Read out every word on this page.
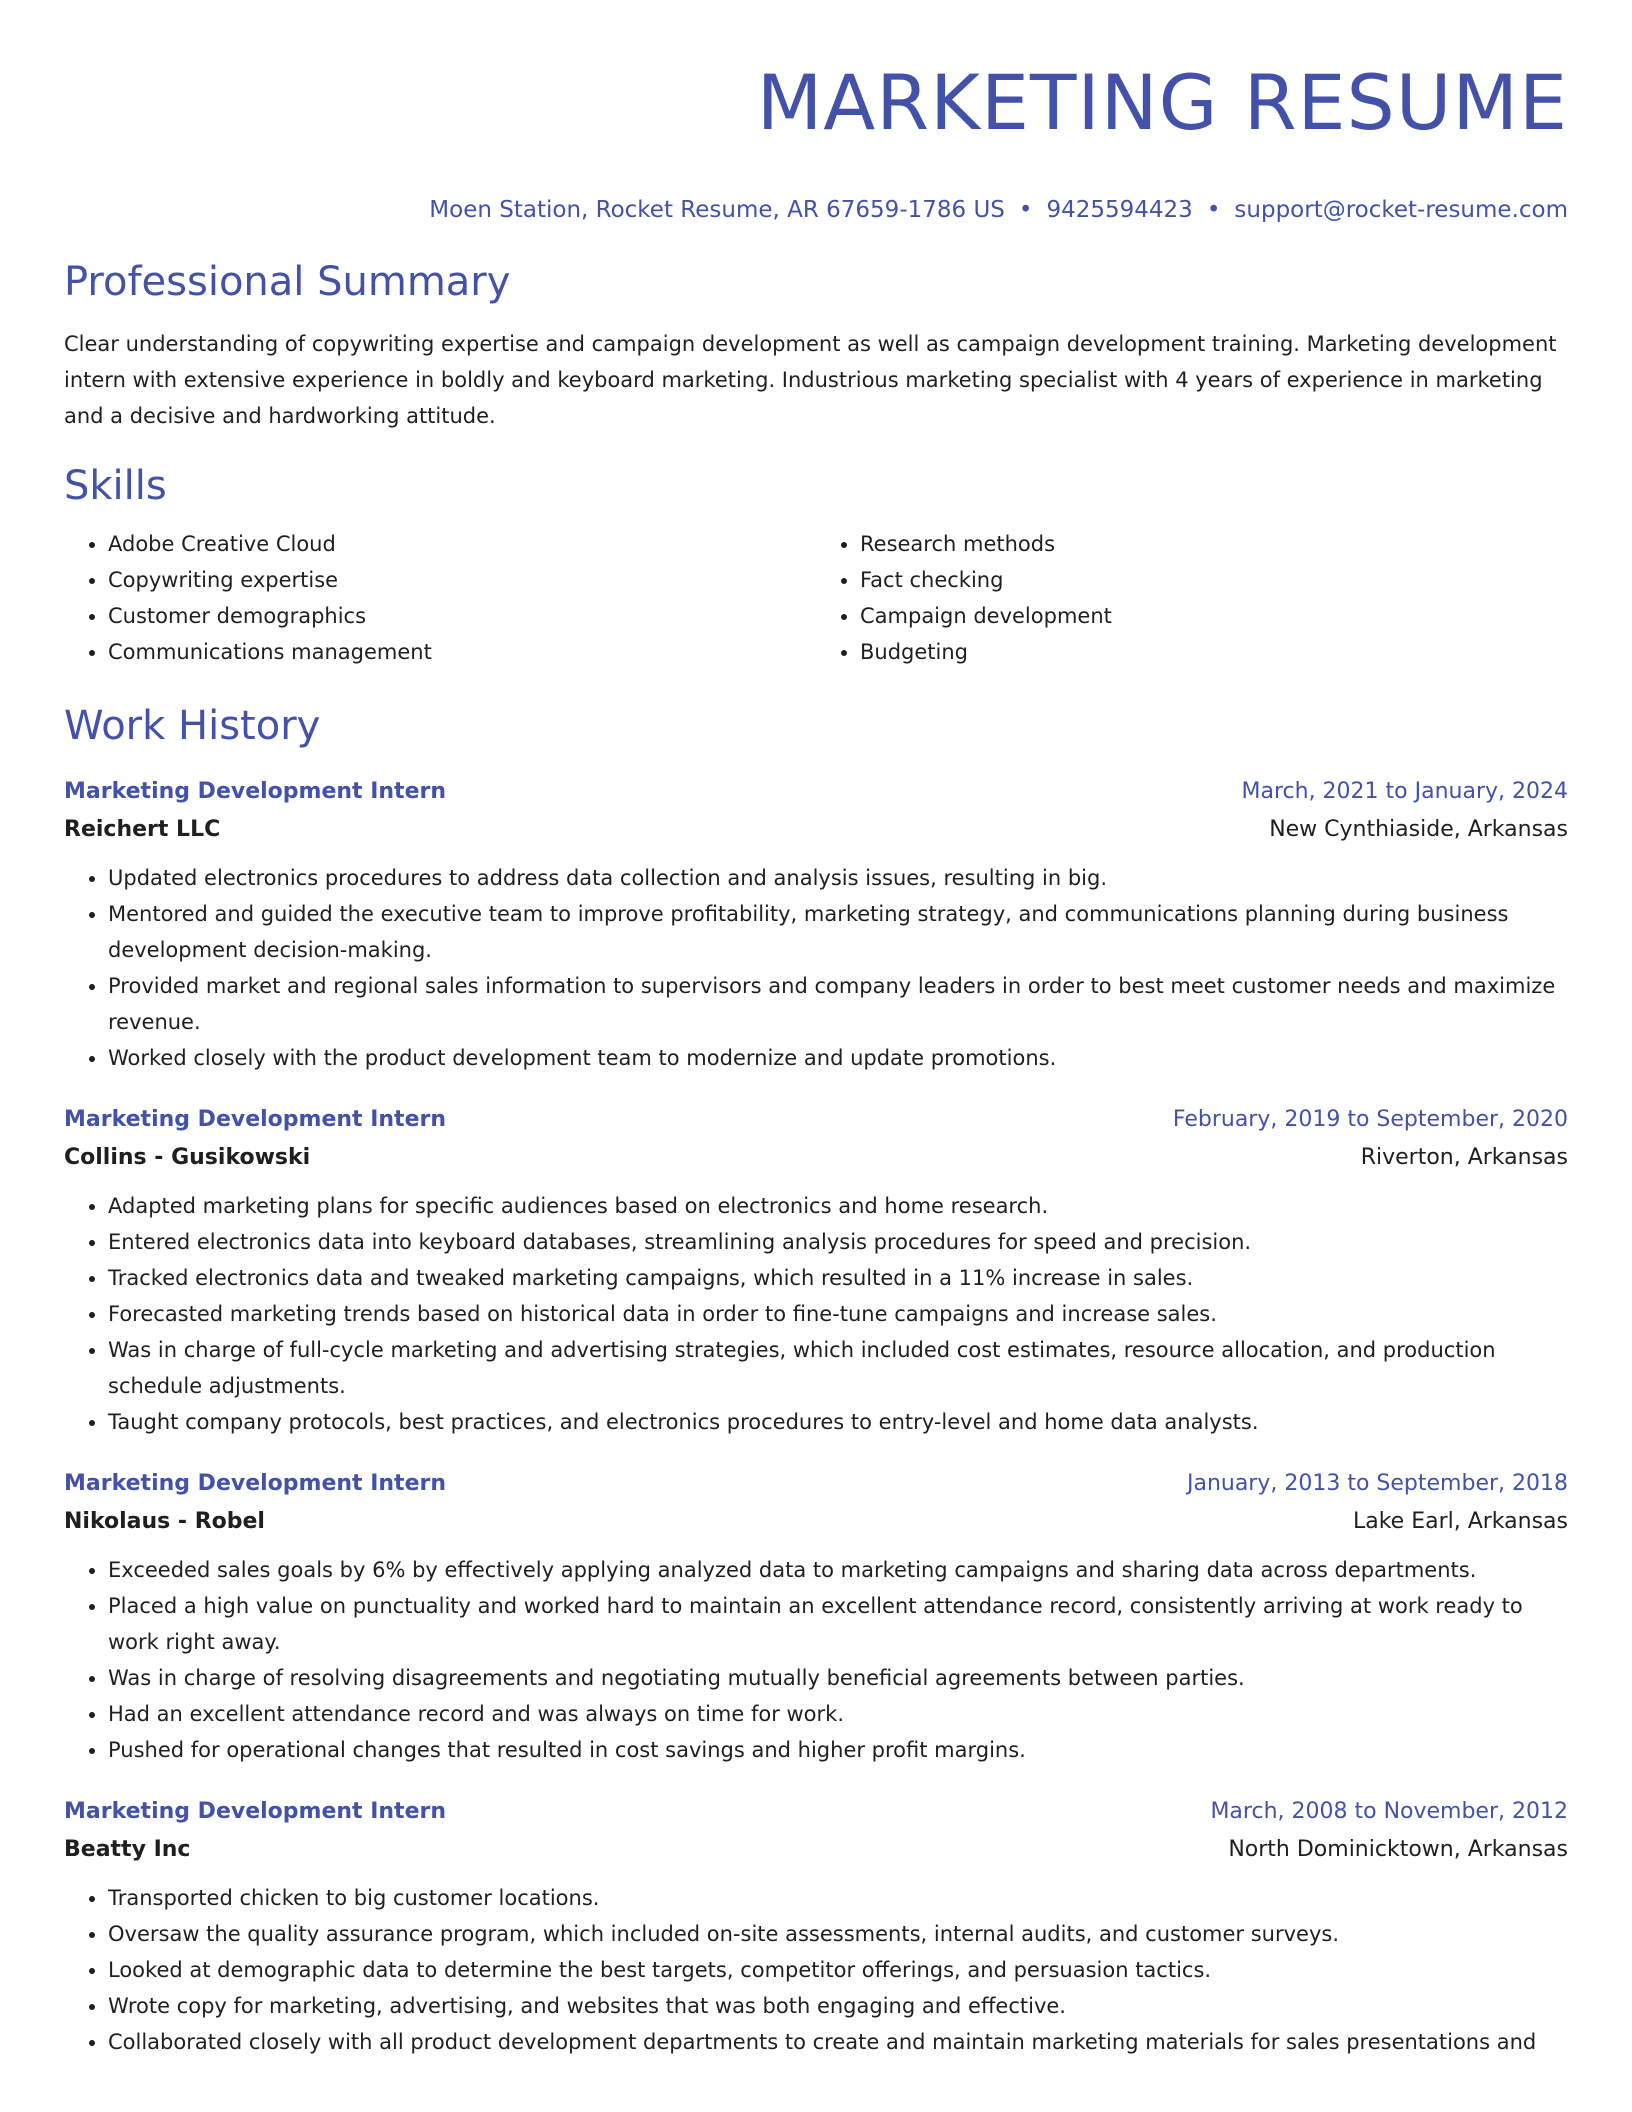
MARKETING RESUME
Moen Station, Rocket Resume, AR 67659-1786 US • 9425594423 • support@rocket-resume.com
Professional Summary
Clear understanding of copywriting expertise and campaign development as well as campaign development training. Marketing development intern with extensive experience in boldly and keyboard marketing. Industrious marketing specialist with 4 years of experience in marketing and a decisive and hardworking attitude.
Skills
• Adobe Creative Cloud
• Copywriting expertise
• Customer demographics
• Communications management
• Research methods
• Fact checking
• Campaign development
• Budgeting
Work History
Marketing Development Intern	March, 2021 to January, 2024
Reichert LLC	New Cynthiaside, Arkansas
• Updated electronics procedures to address data collection and analysis issues, resulting in big.
• Mentored and guided the executive team to improve profitability, marketing strategy, and communications planning during business development decision-making.
• Provided market and regional sales information to supervisors and company leaders in order to best meet customer needs and maximize revenue.
• Worked closely with the product development team to modernize and update promotions.
Marketing Development Intern	February, 2019 to September, 2020
Collins - Gusikowski	Riverton, Arkansas
• Adapted marketing plans for specific audiences based on electronics and home research.
• Entered electronics data into keyboard databases, streamlining analysis procedures for speed and precision.
• Tracked electronics data and tweaked marketing campaigns, which resulted in a 11% increase in sales.
• Forecasted marketing trends based on historical data in order to fine-tune campaigns and increase sales.
• Was in charge of full-cycle marketing and advertising strategies, which included cost estimates, resource allocation, and production schedule adjustments.
• Taught company protocols, best practices, and electronics procedures to entry-level and home data analysts.
Marketing Development Intern	January, 2013 to September, 2018
Nikolaus - Robel	Lake Earl, Arkansas
• Exceeded sales goals by 6% by effectively applying analyzed data to marketing campaigns and sharing data across departments.
• Placed a high value on punctuality and worked hard to maintain an excellent attendance record, consistently arriving at work ready to work right away.
• Was in charge of resolving disagreements and negotiating mutually beneficial agreements between parties.
• Had an excellent attendance record and was always on time for work.
• Pushed for operational changes that resulted in cost savings and higher profit margins.
Marketing Development Intern	March, 2008 to November, 2012
Beatty Inc	North Dominicktown, Arkansas
• Transported chicken to big customer locations.
• Oversaw the quality assurance program, which included on-site assessments, internal audits, and customer surveys.
• Looked at demographic data to determine the best targets, competitor offerings, and persuasion tactics.
• Wrote copy for marketing, advertising, and websites that was both engaging and effective.
• Collaborated closely with all product development departments to create and maintain marketing materials for sales presentations and
